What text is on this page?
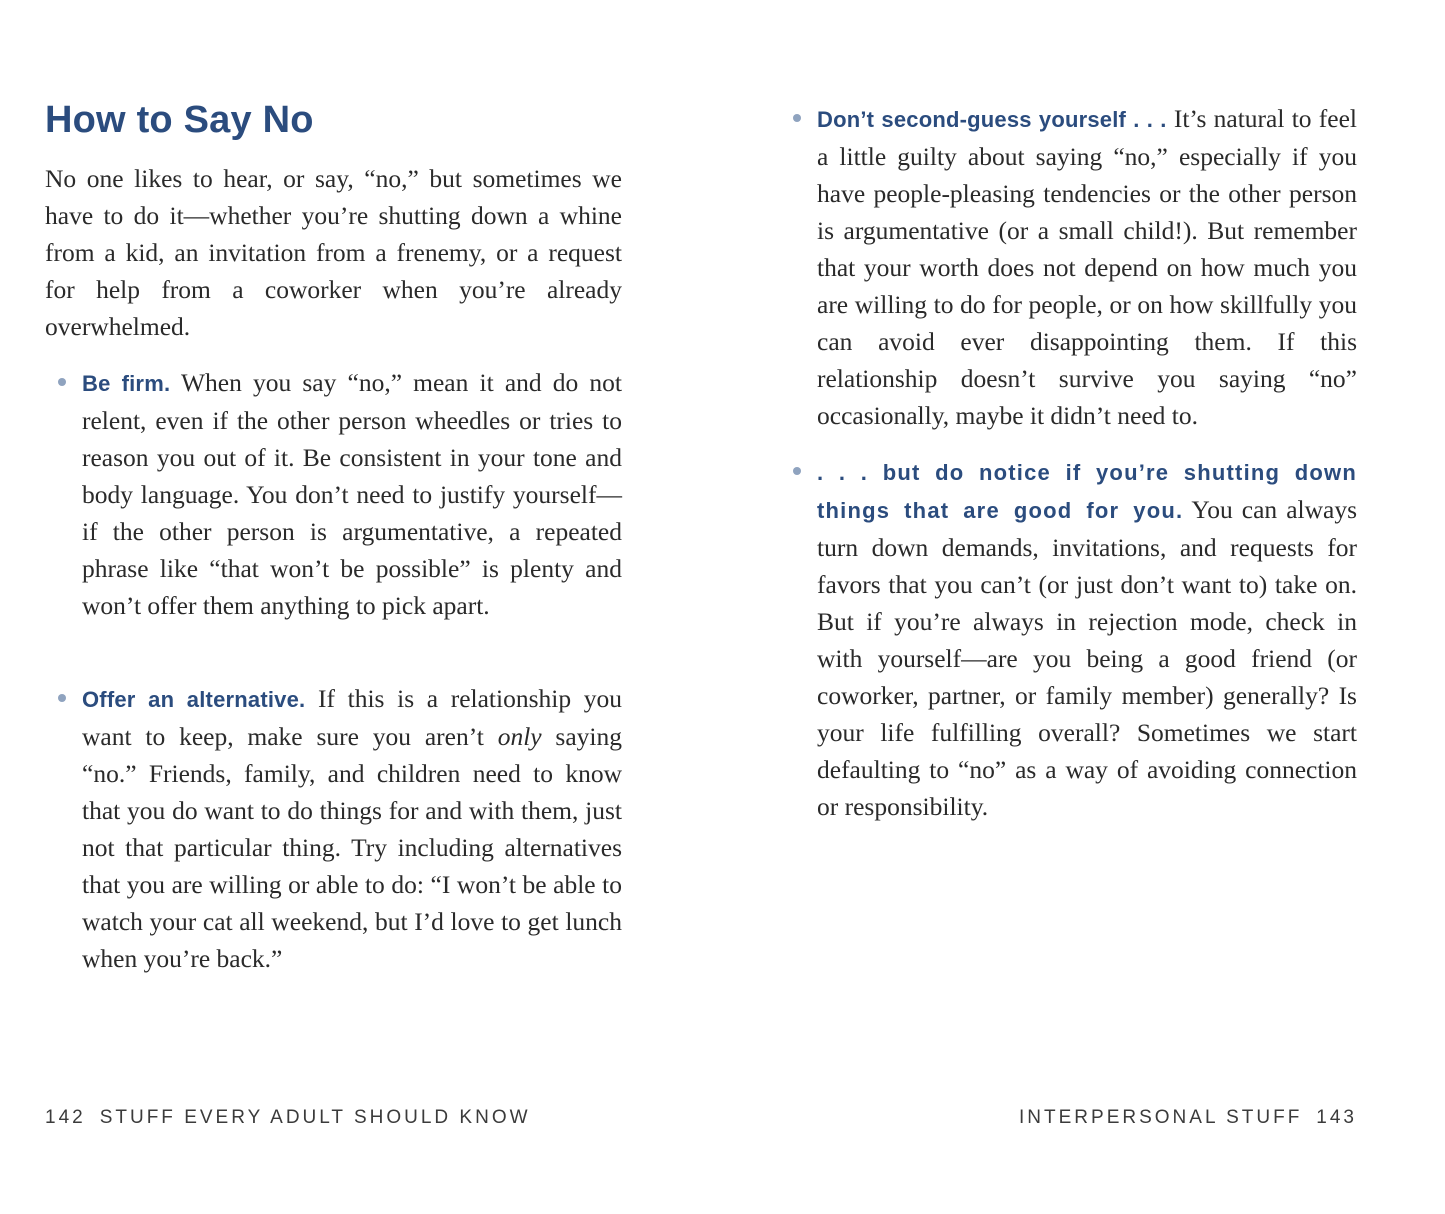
How to Say No

No one likes to hear, or say, “no,” but sometimes we have to do it—whether you’re shutting down a whine from a kid, an invitation from a frenemy, or a request for help from a coworker when you’re already overwhelmed.

Be firm. When you say “no,” mean it and do not relent, even if the other person wheedles or tries to reason you out of it. Be consistent in your tone and body language. You don’t need to justify yourself—if the other person is argumentative, a repeated phrase like “that won’t be possible” is plenty and won’t offer them anything to pick apart.

Offer an alternative. If this is a relationship you want to keep, make sure you aren’t only saying “no.” Friends, family, and children need to know that you do want to do things for and with them, just not that particular thing. Try including alternatives that you are willing or able to do: “I won’t be able to watch your cat all weekend, but I’d love to get lunch when you’re back.”

142 STUFF EVERY ADULT SHOULD KNOW

Don’t second-guess yourself . . . It’s natural to feel a little guilty about saying “no,” especially if you have people-pleasing tendencies or the other person is argumentative (or a small child!). But remember that your worth does not depend on how much you are willing to do for people, or on how skillfully you can avoid ever disappointing them. If this relationship doesn’t survive you saying “no” occasionally, maybe it didn’t need to.

. . . but do notice if you’re shutting down things that are good for you. You can always turn down demands, invitations, and requests for favors that you can’t (or just don’t want to) take on. But if you’re always in rejection mode, check in with yourself—are you being a good friend (or coworker, partner, or family member) generally? Is your life fulfilling overall? Sometimes we start defaulting to “no” as a way of avoiding connection or responsibility.

INTERPERSONAL STUFF 143
